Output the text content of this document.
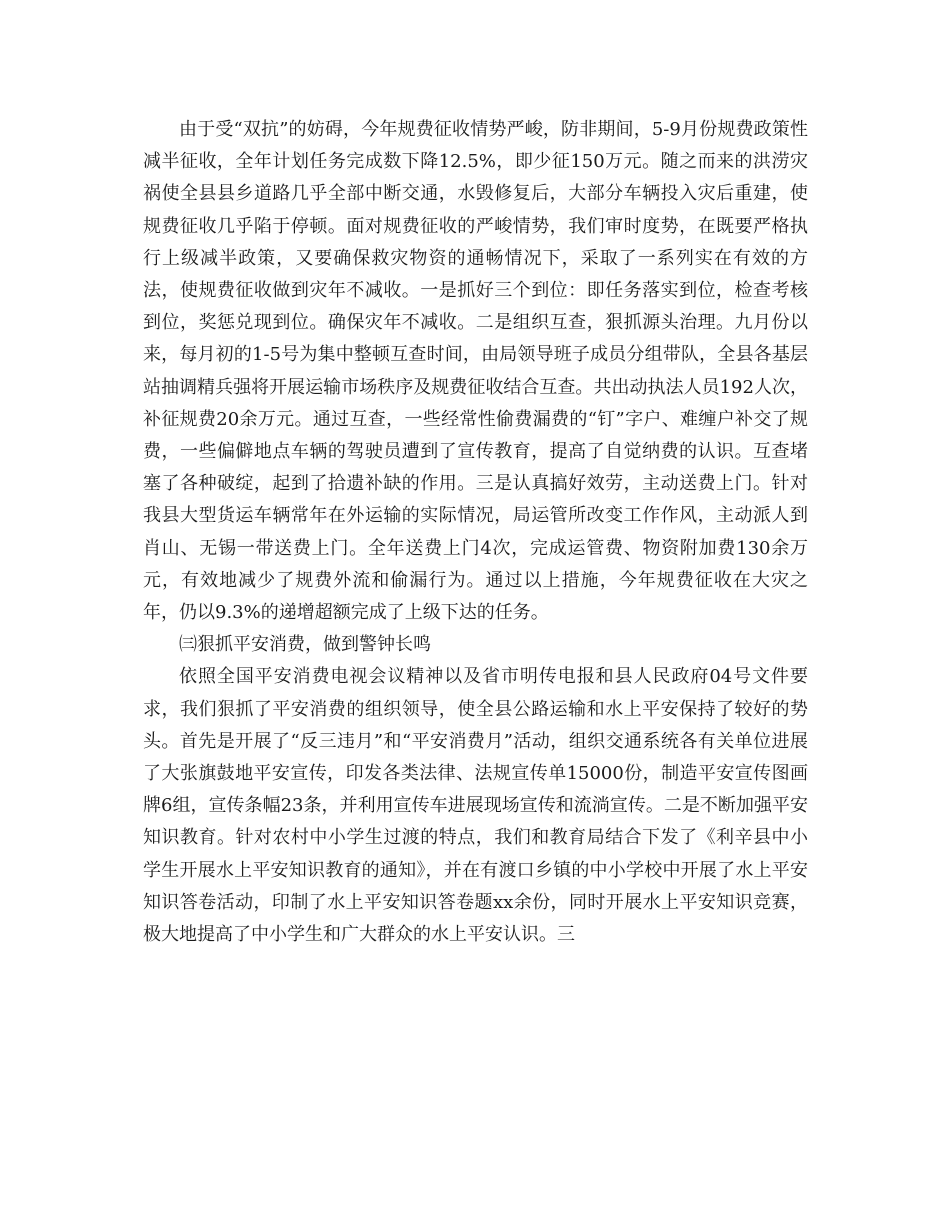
由于受“双抗”的妨碍，今年规费征收情势严峻，防非期间，5-9月份规费政策性减半征收，全年计划任务完成数下降12.5%，即少征150万元。随之而来的洪涝灾祸使全县县乡道路几乎全部中断交通，水毁修复后，大部分车辆投入灾后重建，使规费征收几乎陷于停顿。面对规费征收的严峻情势，我们审时度势，在既要严格执行上级减半政策，又要确保救灾物资的通畅情况下，采取了一系列实在有效的方法，使规费征收做到灾年不减收。一是抓好三个到位：即任务落实到位，检查考核到位，奖惩兑现到位。确保灾年不减收。二是组织互查，狠抓源头治理。九月份以来，每月初的1-5号为集中整顿互查时间，由局领导班子成员分组带队，全县各基层站抽调精兵强将开展运输市场秩序及规费征收结合互查。共出动执法人员192人次，补征规费20余万元。通过互查，一些经常性偷费漏费的“钉”字户、难缠户补交了规费，一些偏僻地点车辆的驾驶员遭到了宣传教育，提高了自觉纳费的认识。互查堵塞了各种破绽，起到了拾遗补缺的作用。三是认真搞好效劳，主动送费上门。针对我县大型货运车辆常年在外运输的实际情况，局运管所改变工作作风，主动派人到肖山、无锡一带送费上门。全年送费上门4次，完成运管费、物资附加费130余万元，有效地减少了规费外流和偷漏行为。通过以上措施，今年规费征收在大灾之年，仍以9.3%的递增超额完成了上级下达的任务。

㈢狠抓平安消费，做到警钟长鸣

依照全国平安消费电视会议精神以及省市明传电报和县人民政府04号文件要求，我们狠抓了平安消费的组织领导，使全县公路运输和水上平安保持了较好的势头。首先是开展了“反三违月”和“平安消费月”活动，组织交通系统各有关单位进展了大张旗鼓地平安宣传，印发各类法律、法规宣传单15000份，制造平安宣传图画牌6组，宣传条幅23条，并利用宣传车进展现场宣传和流淌宣传。二是不断加强平安知识教育。针对农村中小学生过渡的特点，我们和教育局结合下发了《利辛县中小学生开展水上平安知识教育的通知》，并在有渡口乡镇的中小学校中开展了水上平安知识答卷活动，印制了水上平安知识答卷题xx余份，同时开展水上平安知识竞赛，极大地提高了中小学生和广大群众的水上平安认识。三
